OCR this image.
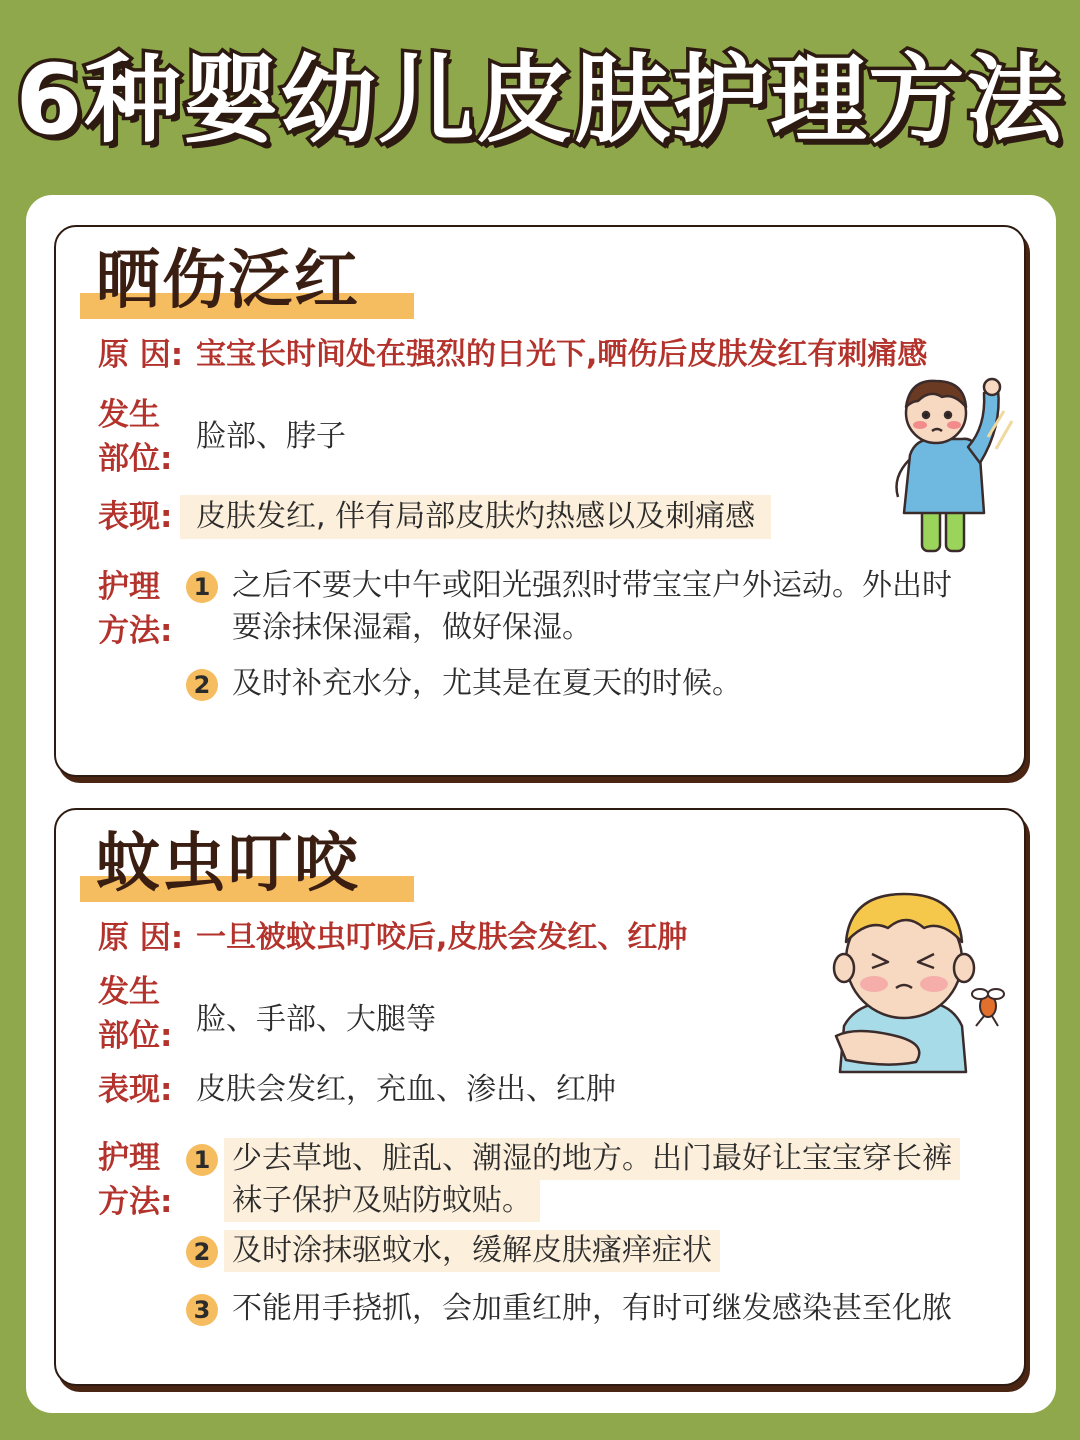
6种婴幼儿皮肤护理方法
晒伤泛红
原 因: 宝宝长时间处在强烈的日光下,晒伤后皮肤发红有刺痛感
发生
部位:
脸部、脖子
表现: 皮肤发红, 伴有局部皮肤灼热感以及刺痛感
护理
方法:
1 之后不要大中午或阳光强烈时带宝宝户外运动。外出时
要涂抹保湿霜，做好保湿。
2 及时补充水分，尤其是在夏天的时候。
蚊虫叮咬
原 因: 一旦被蚊虫叮咬后,皮肤会发红、红肿
发生
部位: 脸、手部、大腿等
表现: 皮肤会发红，充血、渗出、红肿
护理
方法:
1 少去草地、脏乱、潮湿的地方。出门最好让宝宝穿长裤
袜子保护及贴防蚊贴。
2 及时涂抹驱蚊水，缓解皮肤瘙痒症状
3 不能用手挠抓，会加重红肿，有时可继发感染甚至化脓
